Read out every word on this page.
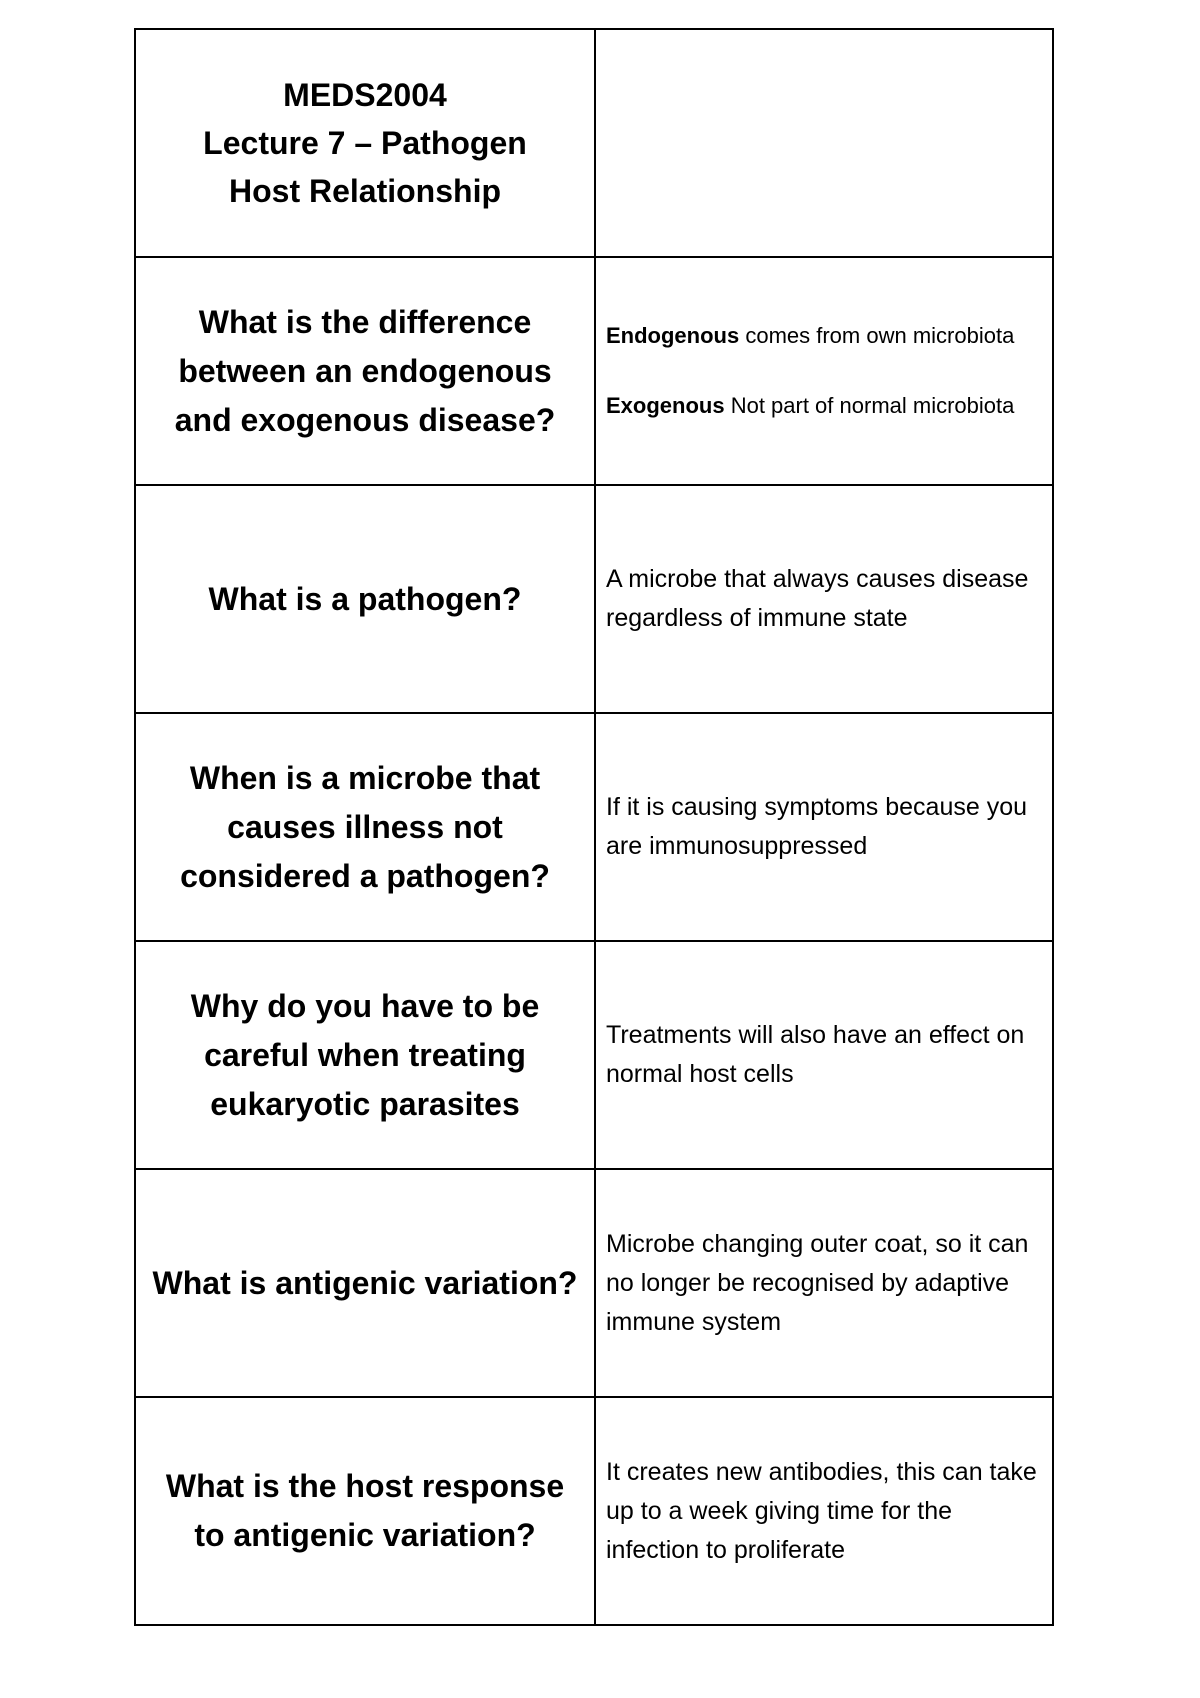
MEDS2004
Lecture 7 – Pathogen
Host Relationship	

What is the difference between an endogenous and exogenous disease?	Endogenous comes from own microbiota
Exogenous Not part of normal microbiota

What is a pathogen?	A microbe that always causes disease regardless of immune state

When is a microbe that causes illness not considered a pathogen?	If it is causing symptoms because you are immunosuppressed

Why do you have to be careful when treating eukaryotic parasites	Treatments will also have an effect on normal host cells

What is antigenic variation?	Microbe changing outer coat, so it can no longer be recognised by adaptive immune system

What is the host response to antigenic variation?	It creates new antibodies, this can take up to a week giving time for the infection to proliferate
